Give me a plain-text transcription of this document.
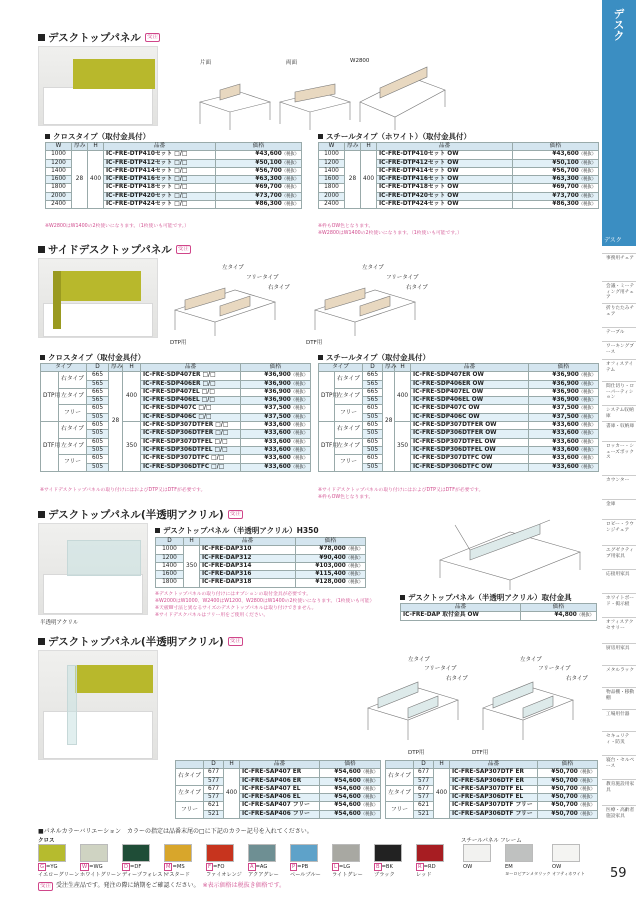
デスクトップパネル	受注
片面	両面	W2800
クロスタイプ（取付金具付）
W	厚み	H	品番	価格
1000	28	400	IC-FRE-DTP410セット □/□	¥43,600（税抜）
1200			IC-FRE-DTP412セット □/□	¥50,100（税抜）
1400			IC-FRE-DTP414セット □/□	¥56,700（税抜）
1600			IC-FRE-DTP416セット □/□	¥63,300（税抜）
1800			IC-FRE-DTP418セット □/□	¥69,700（税抜）
2000			IC-FRE-DTP420セット □/□	¥73,700（税抜）
2400			IC-FRE-DTP424セット □/□	¥86,300（税抜）
※W2800はW1400の2枚使いになります。（1枚使いも可能です。）
スチールタイプ（ホワイト）（取付金具付）
W	厚み	H	品番	価格
1000	28	400	IC-FRE-DTP410セット OW	¥43,600（税抜）
1200			IC-FRE-DTP412セット OW	¥50,100（税抜）
1400			IC-FRE-DTP414セット OW	¥56,700（税抜）
1600			IC-FRE-DTP416セット OW	¥63,300（税抜）
1800			IC-FRE-DTP418セット OW	¥69,700（税抜）
2000			IC-FRE-DTP420セット OW	¥73,700（税抜）
2400			IC-FRE-DTP424セット OW	¥86,300（税抜）
※枠もOW色となります。
※W2800はW1400の2枚使いになります。（1枚使いも可能です。）
サイドデスクトップパネル	受注
左タイプ
フリータイプ
右タイプ
DTP用
左タイプ
フリータイプ
右タイプ
DTF用
クロスタイプ（取付金具付）
タイプ		D	厚み	H	品番	価格
DTP用	右タイプ	665	28	400	IC-FRE-SDP407ER □/□	¥36,900（税抜）
		565			IC-FRE-SDP406ER □/□	¥36,900（税抜）
	左タイプ	665			IC-FRE-SDP407EL □/□	¥36,900（税抜）
		565			IC-FRE-SDP406EL □/□	¥36,900（税抜）
	フリー	605			IC-FRE-SDP407C □/□	¥37,500（税抜）
		505			IC-FRE-SDP406C □/□	¥37,500（税抜）
DTF用	右タイプ	605		350	IC-FRE-SDP307DTFER □/□	¥33,600（税抜）
		505			IC-FRE-SDP306DTFER □/□	¥33,600（税抜）
	左タイプ	605			IC-FRE-SDP307DTFEL □/□	¥33,600（税抜）
		505			IC-FRE-SDP306DTFEL □/□	¥33,600（税抜）
	フリー	605			IC-FRE-SDP307DTFC □/□	¥33,600（税抜）
		505			IC-FRE-SDP306DTFC □/□	¥33,600（税抜）
※サイドデスクトップパネルの取り付けにはおよびDTP又はDTFが必要です。
スチールタイプ（取付金具付）
タイプ		D	厚み	H	品番	価格
DTP用	右タイプ	665	28	400	IC-FRE-SDP407ER OW	¥36,900（税抜）
		565			IC-FRE-SDP406ER OW	¥36,900（税抜）
	左タイプ	665			IC-FRE-SDP407EL OW	¥36,900（税抜）
		565			IC-FRE-SDP406EL OW	¥36,900（税抜）
	フリー	605			IC-FRE-SDP407C OW	¥37,500（税抜）
		505			IC-FRE-SDP406C OW	¥37,500（税抜）
DTF用	右タイプ	605		350	IC-FRE-SDP307DTFER OW	¥33,600（税抜）
		505			IC-FRE-SDP306DTFER OW	¥33,600（税抜）
	左タイプ	605			IC-FRE-SDP307DTFEL OW	¥33,600（税抜）
		505			IC-FRE-SDP306DTFEL OW	¥33,600（税抜）
	フリー	605			IC-FRE-SDP307DTFC OW	¥33,600（税抜）
		505			IC-FRE-SDP306DTFC OW	¥33,600（税抜）
※サイドデスクトップパネルの取り付けにはおよびDTP又はDTFが必要です。
※枠もOW色となります。
デスクトップパネル(半透明アクリル)	受注
半透明アクリル
デスクトップパネル（半透明アクリル）H350
D	H	品番	価格
1000	350	IC-FRE-DAP310	¥78,000（税抜）
1200		IC-FRE-DAP312	¥90,400（税抜）
1400		IC-FRE-DAP314	¥103,000（税抜）
1600		IC-FRE-DAP316	¥115,400（税抜）
1800		IC-FRE-DAP318	¥128,000（税抜）
※デスクトップパネルの取り付けにはオプションの取付金具が必要です。
※W2000はW1000、W2400はW1200、W2800はW1400の2枚使いになります。（1枚使いも可能）
※天板W寸法と異なるサイズのデスクトップパネルは取り付けできません。
※サイドデスクパネルはフリー用をご使用ください。
デスクトップパネル（半透明アクリル）取付金具
品番	価格
IC-FRE-DAP 取付金具 OW	¥4,800（税抜）
デスクトップパネル(半透明アクリル)	受注
左タイプ
フリータイプ
右タイプ
DTP用
左タイプ
フリータイプ
右タイプ
DTF用
	D	H	品番	価格
右タイプ	677	400	IC-FRE-SAP407 ER	¥54,600（税抜）
	577		IC-FRE-SAP406 ER	¥54,600（税抜）
左タイプ	677		IC-FRE-SAP407 EL	¥54,600（税抜）
	577		IC-FRE-SAP406 EL	¥54,600（税抜）
フリー	621		IC-FRE-SAP407 フリー	¥54,600（税抜）
	521		IC-FRE-SAP406 フリー	¥54,600（税抜）
	D	H	品番	価格
右タイプ	677	400	IC-FRE-SAP307DTF ER	¥50,700（税抜）
	577		IC-FRE-SAP306DTF ER	¥50,700（税抜）
左タイプ	677		IC-FRE-SAP307DTF EL	¥50,700（税抜）
	577		IC-FRE-SAP306DTF EL	¥50,700（税抜）
フリー	621		IC-FRE-SAP307DTF フリー	¥50,700（税抜）
	521		IC-FRE-SAP306DTF フリー	¥50,700（税抜）
■パネルカラーバリエーション　 カラーの指定は品番末尾の□に下記のカラー記号を入れてください。
クロス	スチールパネル フレーム
G =YG
イエローグリーン
W =WG
ホワイトグリーン
D =DF
ディープフォレスト
M =MS
マスタード
F =FO
ファイオレンジ
A =AG
アクアグレー
P =PB
ペールブルー
L =LG
ライトグレー
B =BK
ブラック
R =RD
レッド
OW	EM
ヨーロピアンメタリック
OW
オフティホワイト
受注 受注生産品です。発注の際に納期をご確認ください。　 ※表示価格は税抜き価格です。
デスク
デスク
事務用チェア
会議・ミーティング用チェア
折りたたみチェア
テーブル
ワーキングブース
オフィスアイテム
間仕切り・ローパーティション
システム収納庫
書庫・収納庫
ロッカー・シューズボックス
カウンター
金庫
ロビー・ラウンジチェア
エグゼクティブ用家具
応接用家具
ホワイトボード・掲示板
オフィスアクセサリー
厨房用家具
メタルラック
物品棚・移動棚
工場用什器
セキュリティ・防災
寝台・セルペース
教育施設用家具
医療・高齢者施設家具
59
